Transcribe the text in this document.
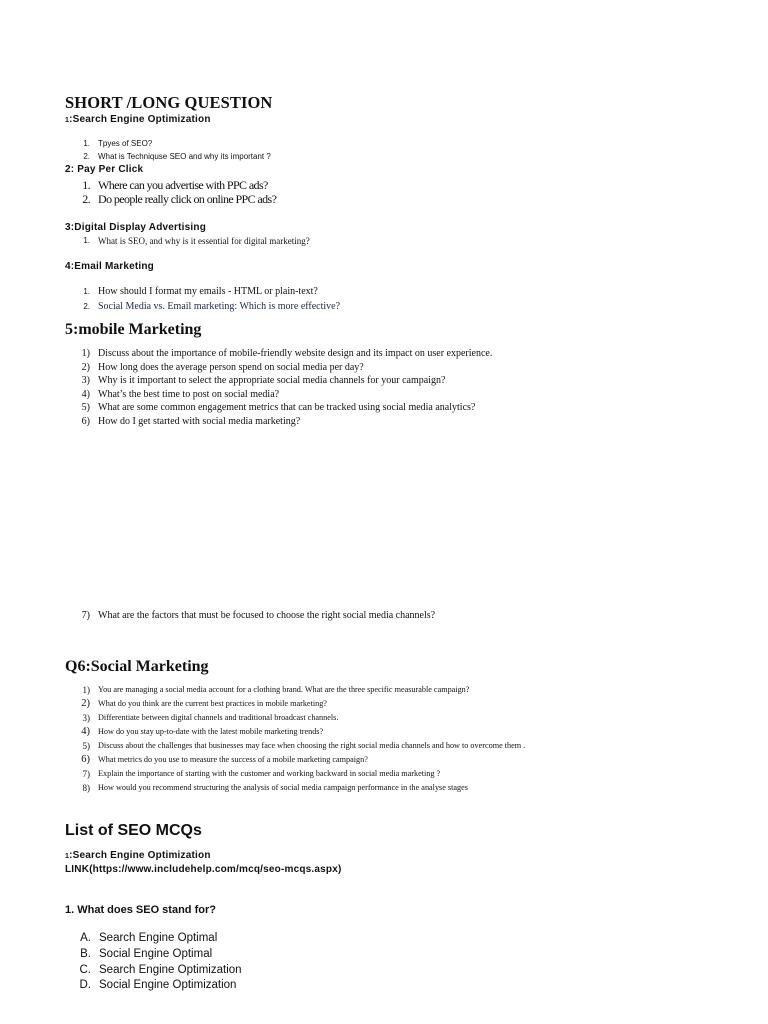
SHORT /LONG QUESTION
1:Search Engine Optimization
1. Tpyes of SEO?
2. What is Techniquse SEO and why its important ?
2: Pay Per Click
1. Where can you advertise with PPC ads?
2. Do people really click on online PPC ads?
3:Digital Display Advertising
1. What is SEO, and why is it essential for digital marketing?
4:Email Marketing
1. How should I format my emails - HTML or plain-text?
2. Social Media vs. Email marketing: Which is more effective?
5:mobile Marketing
1) Discuss about the importance of mobile-friendly website design and its impact on user experience.
2) How long does the average person spend on social media per day?
3) Why is it important to select the appropriate social media channels for your campaign?
4) What’s the best time to post on social media?
5) What are some common engagement metrics that can be tracked using social media analytics?
6) How do I get started with social media marketing?
7) What are the factors that must be focused to choose the right social media channels?
Q6:Social Marketing
1) You are managing a social media account for a clothing brand. What are the three specific measurable campaign?
2) What do you think are the current best practices in mobile marketing?
3) Differentiate between digital channels and traditional broadcast channels.
4) How do you stay up-to-date with the latest mobile marketing trends?
5) Discuss about the challenges that businesses may face when choosing the right social media channels and how to overcome them .
6) What metrics do you use to measure the success of a mobile marketing campaign?
7) Explain the importance of starting with the customer and working backward in social media marketing ?
8) How would you recommend structuring the analysis of social media campaign performance in the analyse stages
List of SEO MCQs
1:Search Engine Optimization
LINK(https://www.includehelp.com/mcq/seo-mcqs.aspx)
1. What does SEO stand for?
A. Search Engine Optimal
B. Social Engine Optimal
C. Search Engine Optimization
D. Social Engine Optimization
